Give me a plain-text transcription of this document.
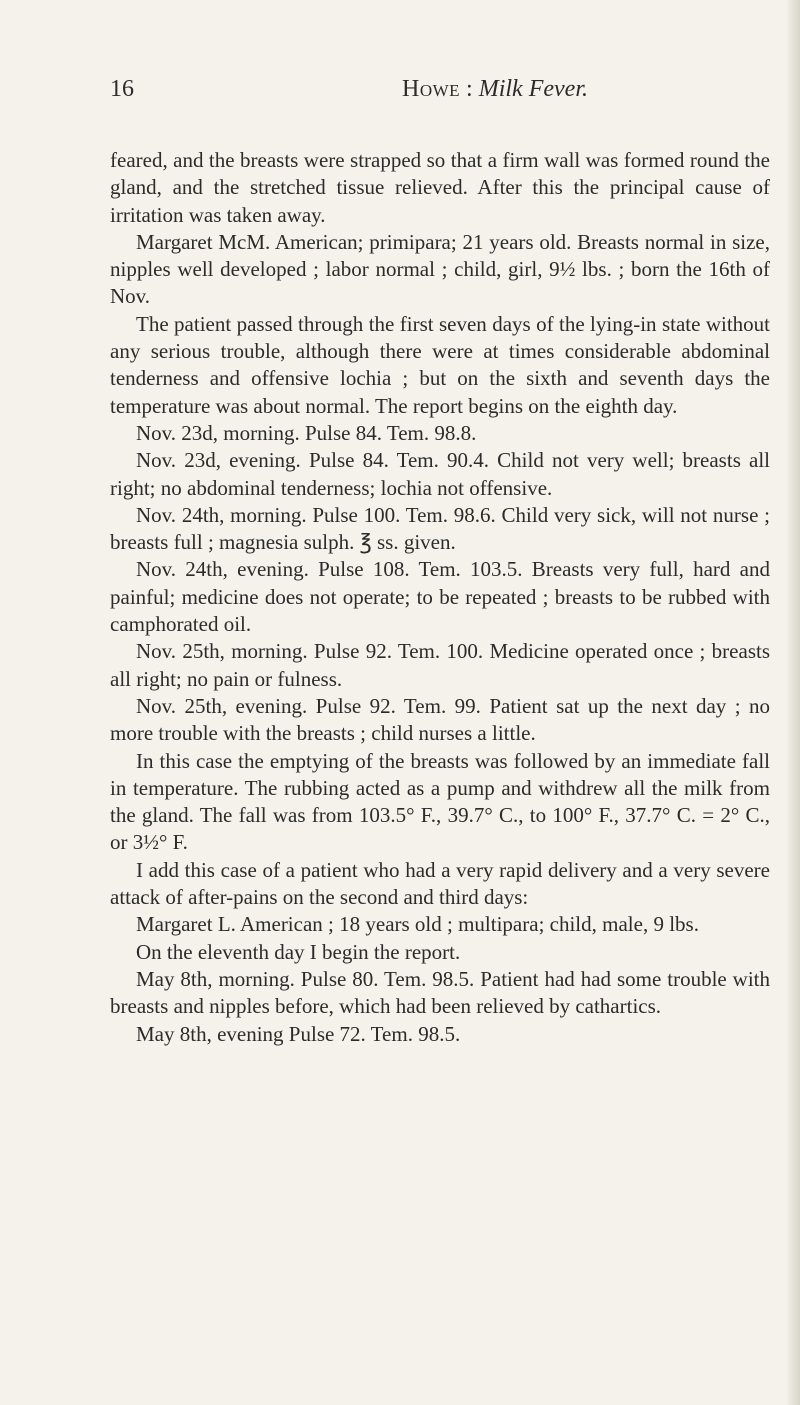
16	Howe : Milk Fever.

feared, and the breasts were strapped so that a firm wall was formed round the gland, and the stretched tissue relieved. After this the principal cause of irritation was taken away.

Margaret McM. American; primipara; 21 years old. Breasts normal in size, nipples well developed ; labor normal ; child, girl, 9½ lbs. ; born the 16th of Nov.

The patient passed through the first seven days of the lying-in state without any serious trouble, although there were at times considerable abdominal tenderness and offensive lochia ; but on the sixth and seventh days the temperature was about normal. The report begins on the eighth day.

Nov. 23d, morning. Pulse 84. Tem. 98.8.

Nov. 23d, evening. Pulse 84. Tem. 90.4. Child not very well; breasts all right; no abdominal tenderness; lochia not offensive.

Nov. 24th, morning. Pulse 100. Tem. 98.6. Child very sick, will not nurse ; breasts full ; magnesia sulph. ℥ ss. given.

Nov. 24th, evening. Pulse 108. Tem. 103.5. Breasts very full, hard and painful; medicine does not operate; to be repeated ; breasts to be rubbed with camphorated oil.

Nov. 25th, morning. Pulse 92. Tem. 100. Medicine operated once ; breasts all right; no pain or fulness.

Nov. 25th, evening. Pulse 92. Tem. 99. Patient sat up the next day ; no more trouble with the breasts ; child nurses a little.

In this case the emptying of the breasts was followed by an immediate fall in temperature. The rubbing acted as a pump and withdrew all the milk from the gland. The fall was from 103.5° F., 39.7° C., to 100° F., 37.7° C. = 2° C., or 3½° F.

I add this case of a patient who had a very rapid delivery and a very severe attack of after-pains on the second and third days:

Margaret L. American ; 18 years old ; multipara; child, male, 9 lbs.

On the eleventh day I begin the report.

May 8th, morning. Pulse 80. Tem. 98.5. Patient had had some trouble with breasts and nipples before, which had been relieved by cathartics.

May 8th, evening Pulse 72. Tem. 98.5.
